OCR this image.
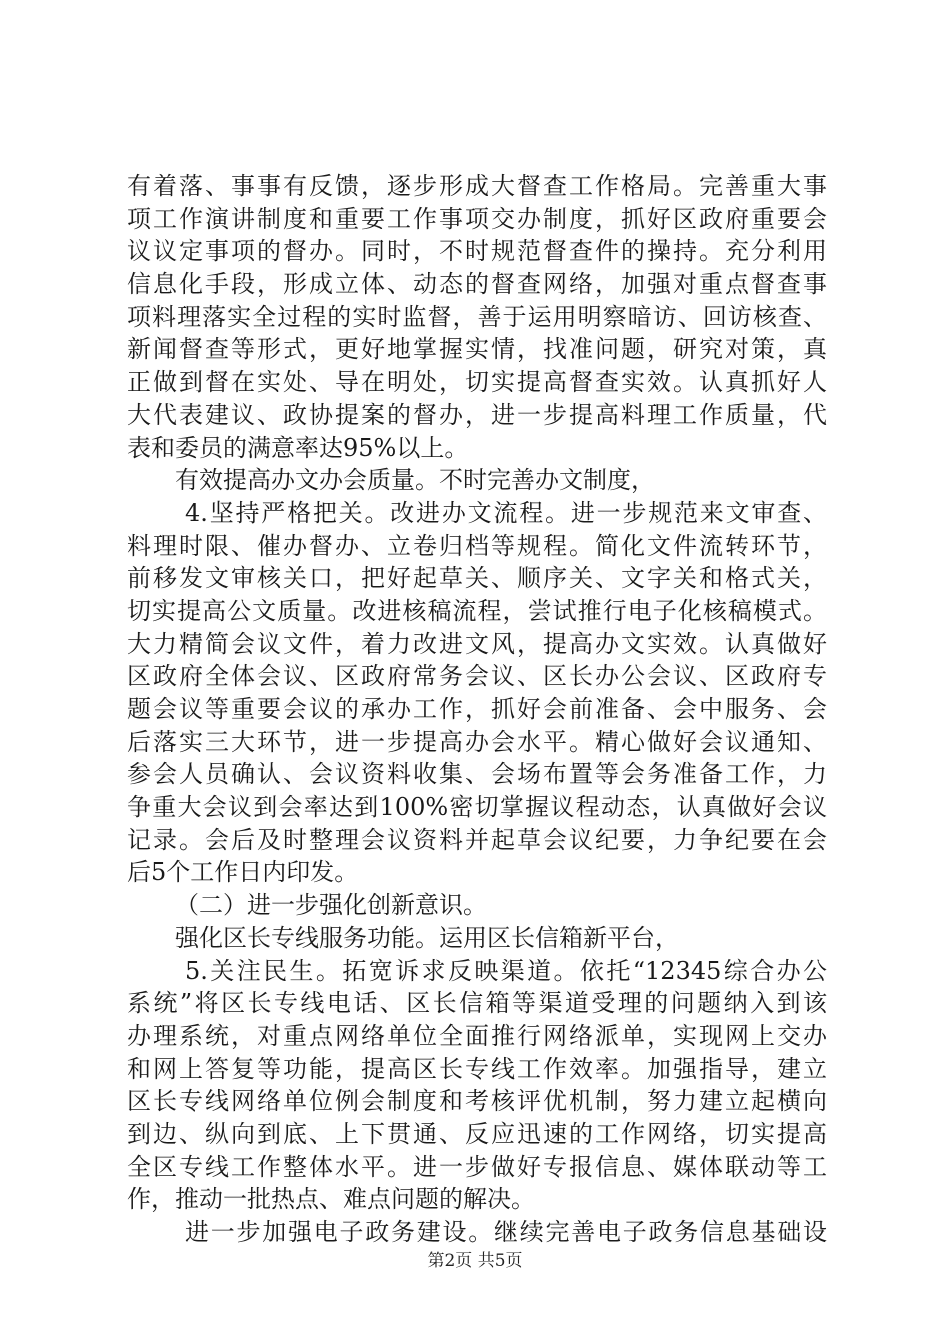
有着落、事事有反馈，逐步形成大督查工作格局。完善重大事
项工作演讲制度和重要工作事项交办制度，抓好区政府重要会
议议定事项的督办。同时，不时规范督查件的操持。充分利用
信息化手段，形成立体、动态的督查网络，加强对重点督查事
项料理落实全过程的实时监督，善于运用明察暗访、回访核查、
新闻督查等形式，更好地掌握实情，找准问题，研究对策，真
正做到督在实处、导在明处，切实提高督查实效。认真抓好人
大代表建议、政协提案的督办，进一步提高料理工作质量，代
表和委员的满意率达95%以上。
有效提高办文办会质量。不时完善办文制度，
4.坚持严格把关。改进办文流程。进一步规范来文审查、
料理时限、催办督办、立卷归档等规程。简化文件流转环节，
前移发文审核关口，把好起草关、顺序关、文字关和格式关，
切实提高公文质量。改进核稿流程，尝试推行电子化核稿模式。
大力精简会议文件，着力改进文风，提高办文实效。认真做好
区政府全体会议、区政府常务会议、区长办公会议、区政府专
题会议等重要会议的承办工作，抓好会前准备、会中服务、会
后落实三大环节，进一步提高办会水平。精心做好会议通知、
参会人员确认、会议资料收集、会场布置等会务准备工作，力
争重大会议到会率达到100%密切掌握议程动态，认真做好会议
记录。会后及时整理会议资料并起草会议纪要，力争纪要在会
后5个工作日内印发。
（二）进一步强化创新意识。
强化区长专线服务功能。运用区长信箱新平台，
5.关注民生。拓宽诉求反映渠道。依托“12345综合办公
系统”将区长专线电话、区长信箱等渠道受理的问题纳入到该
办理系统，对重点网络单位全面推行网络派单，实现网上交办
和网上答复等功能，提高区长专线工作效率。加强指导，建立
区长专线网络单位例会制度和考核评优机制，努力建立起横向
到边、纵向到底、上下贯通、反应迅速的工作网络，切实提高
全区专线工作整体水平。进一步做好专报信息、媒体联动等工
作，推动一批热点、难点问题的解决。
进一步加强电子政务建设。继续完善电子政务信息基础设
第2页 共5页
